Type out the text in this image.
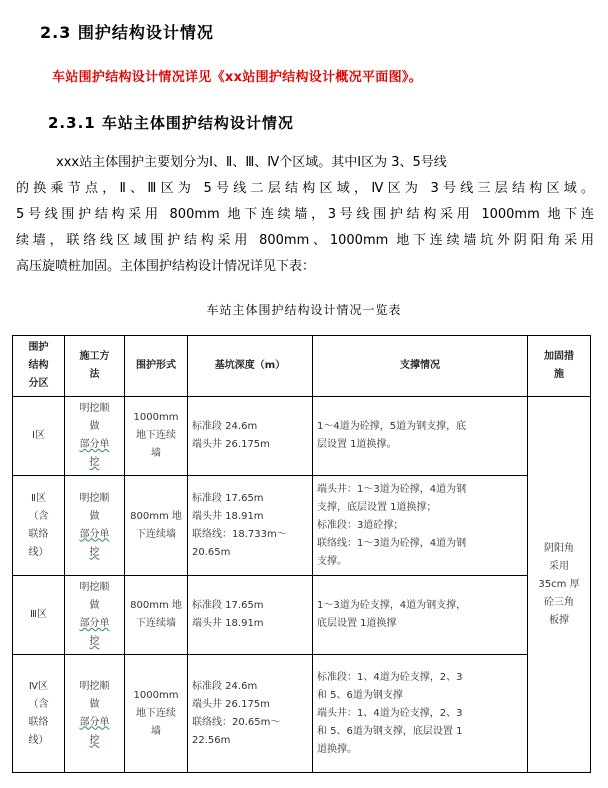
2.3 围护结构设计情况
车站围护结构设计情况详见《xx站围护结构设计概况平面图》。
2.3.1 车站主体围护结构设计情况
xxx站主体围护主要划分为Ⅰ、Ⅱ、Ⅲ、Ⅳ个区域。其中Ⅰ区为 3、5号线
的换乘节点，Ⅱ、Ⅲ区为 5号线二层结构区域，Ⅳ区为 3号线三层结构区域。
5号线围护结构采用 800mm 地下连续墙，3号线围护结构采用 1000mm 地下连
续墙，联络线区域围护结构采用 800mm、1000mm 地下连续墙坑外阴阳角采用
高压旋喷桩加固。主体围护结构设计情况详见下表：
车站主体围护结构设计情况一览表
围护
结构
分区	施工方
法	围护形式	基坑深度（m）	支撑情况	加固措
施

Ⅰ区	明挖顺
做
部分单
挖	1000mm
地下连续
墙	标准段 24.6m
端头井 26.175m	1～4道为砼撑，5道为钢支撑，底
层设置 1道换撑。	阴阳角
采用
35cm 厚
砼三角
板撑

Ⅱ区
（含
联络
线）	明挖顺
做
部分单
挖	800mm 地
下连续墙	标准段 17.65m
端头井 18.91m
联络线：18.733m～
20.65m	端头井：1～3道为砼撑，4道为钢
支撑，底层设置 1道换撑；
标准段：3道砼撑；
联络线：1～3道为砼撑，4道为钢
支撑。	

Ⅲ区	明挖顺
做
部分单
挖	800mm 地
下连续墙	标准段 17.65m
端头井 18.91m	1～3道为砼支撑，4道为钢支撑，
底层设置 1道换撑	

Ⅳ区
（含
联络
线）	明挖顺
做
部分单
挖	1000mm
地下连续
墙	标准段 24.6m
端头井 26.175m
联络线：20.65m～
22.56m	标准段：1、4道为砼支撑，2、3
和 5、6道为钢支撑
端头井：1、4道为砼支撑，2、3
和 5、6道为钢支撑，底层设置 1
道换撑。	
